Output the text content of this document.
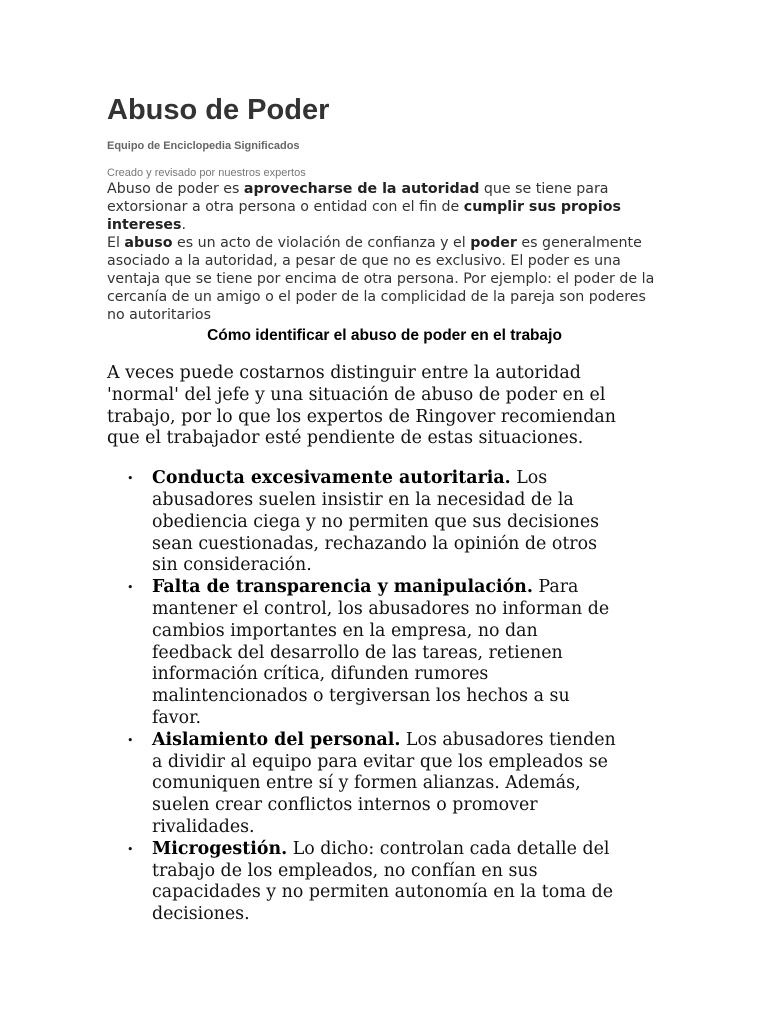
Abuso de Poder
Equipo de Enciclopedia Significados
Creado y revisado por nuestros expertos

Abuso de poder es aprovecharse de la autoridad que se tiene para extorsionar a otra persona o entidad con el fin de cumplir sus propios intereses.

El abuso es un acto de violación de confianza y el poder es generalmente asociado a la autoridad, a pesar de que no es exclusivo. El poder es una ventaja que se tiene por encima de otra persona. Por ejemplo: el poder de la cercanía de un amigo o el poder de la complicidad de la pareja son poderes no autoritarios

Cómo identificar el abuso de poder en el trabajo
A veces puede costarnos distinguir entre la autoridad 'normal' del jefe y una situación de abuso de poder en el trabajo, por lo que los expertos de Ringover recomiendan que el trabajador esté pendiente de estas situaciones.
• Conducta excesivamente autoritaria. Los abusadores suelen insistir en la necesidad de la obediencia ciega y no permiten que sus decisiones sean cuestionadas, rechazando la opinión de otros sin consideración.
• Falta de transparencia y manipulación. Para mantener el control, los abusadores no informan de cambios importantes en la empresa, no dan feedback del desarrollo de las tareas, retienen información crítica, difunden rumores malintencionados o tergiversan los hechos a su favor.
• Aislamiento del personal. Los abusadores tienden a dividir al equipo para evitar que los empleados se comuniquen entre sí y formen alianzas. Además, suelen crear conflictos internos o promover rivalidades.
• Microgestión. Lo dicho: controlan cada detalle del trabajo de los empleados, no confían en sus capacidades y no permiten autonomía en la toma de decisiones.
